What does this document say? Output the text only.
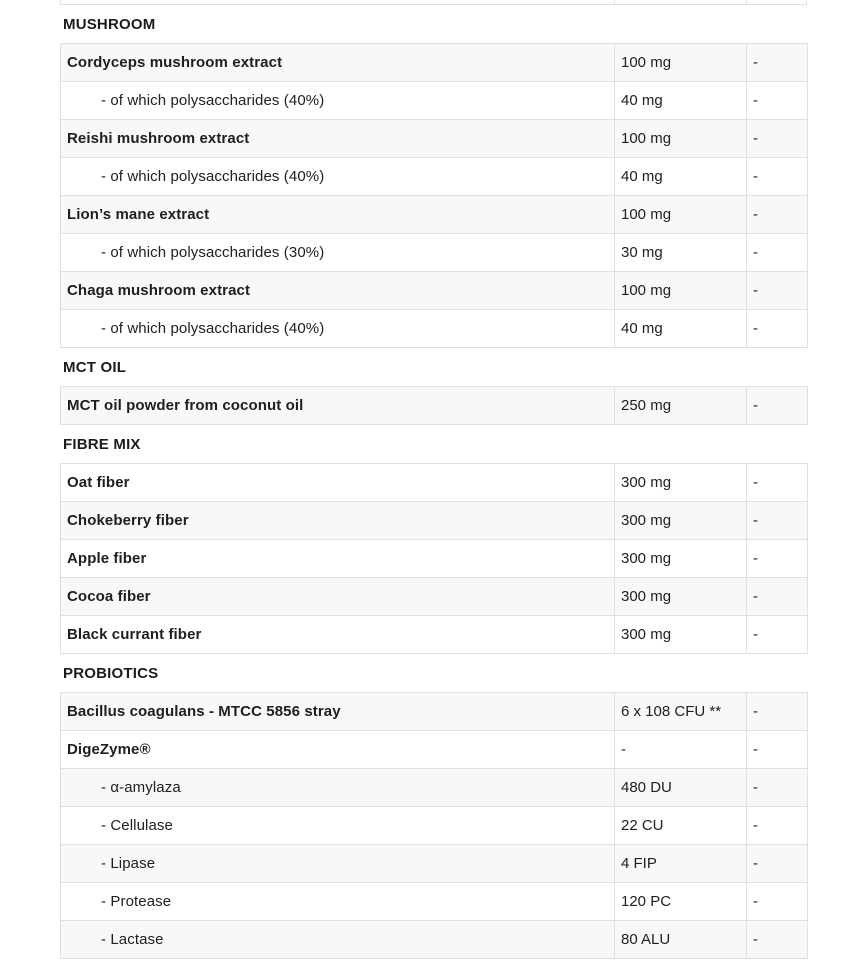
MUSHROOM
Cordyceps mushroom extract	100 mg	-
- of which polysaccharides (40%)	40 mg	-
Reishi mushroom extract	100 mg	-
- of which polysaccharides (40%)	40 mg	-
Lion’s mane extract	100 mg	-
- of which polysaccharides (30%)	30 mg	-
Chaga mushroom extract	100 mg	-
- of which polysaccharides (40%)	40 mg	-
MCT OIL
MCT oil powder from coconut oil	250 mg	-
FIBRE MIX
Oat fiber	300 mg	-
Chokeberry fiber	300 mg	-
Apple fiber	300 mg	-
Cocoa fiber	300 mg	-
Black currant fiber	300 mg	-
PROBIOTICS
Bacillus coagulans - MTCC 5856 stray	6 x 108 CFU **	-
DigeZyme®	-	-
- α-amylaza	480 DU	-
- Cellulase	22 CU	-
- Lipase	4 FIP	-
- Protease	120 PC	-
- Lactase	80 ALU	-
